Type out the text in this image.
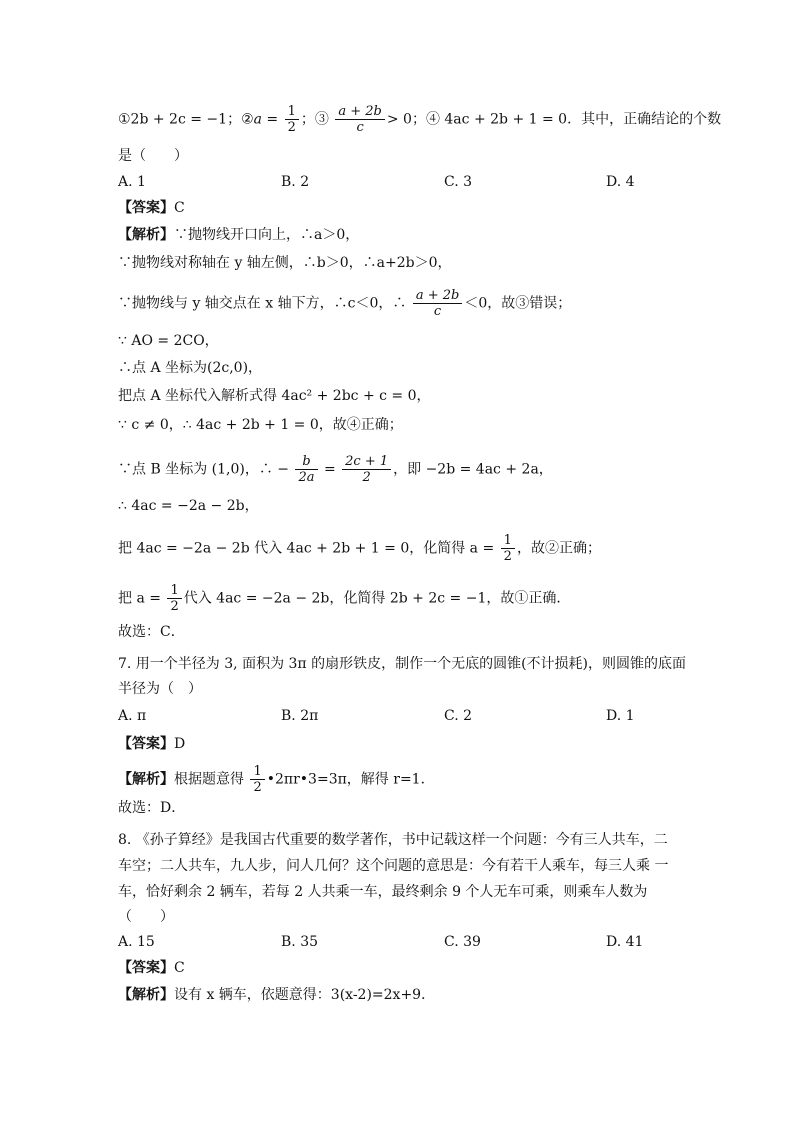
①2b + 2c = −1；②a = $\frac{1}{2}$ ；③ $\frac{a + 2b}{c} > 0$；④ 4ac + 2b + 1 = 0．其中，正确结论的个数
是（　　）
A. 1	B. 2	C. 3	D. 4
【答案】C
【解析】∵抛物线开口向上，∴a＞0，
∵抛物线对称轴在 y 轴左侧，∴b＞0，∴a+2b＞0，
∵抛物线与 y 轴交点在 x 轴下方，∴c＜0，∴ $\frac{a + 2b}{c} <0$，故③错误；
∵ AO = 2CO，
∴点 A 坐标为(2c,0)，
把点 A 坐标代入解析式得 4ac² + 2bc + c = 0，
∵ c ≠ 0，∴ 4ac + 2b + 1 = 0，故④正确；
∵点 B 坐标为 (1,0)，∴ − $\frac{b}{2a} = \frac{2c + 1}{2}$ ，即 −2b = 4ac + 2a，
∴ 4ac = −2a − 2b，
把 4ac = −2a − 2b 代入 4ac + 2b + 1 = 0，化简得 $a = \frac{1}{2}$ ，故②正确；
把 $a = \frac{1}{2}$ 代入 4ac = −2a − 2b，化简得 2b + 2c = −1，故①正确．
故选：C．
7. 用一个半径为 3, 面积为 3π 的扇形铁皮，制作一个无底的圆锥(不计损耗)，则圆锥的底面
半径为（　）
A. π	B. 2π	C. 2	D. 1
【答案】D
【解析】根据题意得 $\frac{1}{2}$ •2πr•3=3π，解得 r=1．
故选：D．
8. 《孙子算经》是我国古代重要的数学著作，书中记载这样一个问题：今有三人共车，二
车空；二人共车，九人步，问人几何？这个问题的意思是：今有若干人乘车，每三人乘 一
车，恰好剩余 2 辆车，若每 2 人共乘一车，最终剩余 9 个人无车可乘，则乘车人数为
（　　）
A. 15	B. 35	C. 39	D. 41
【答案】C
【解析】设有 x 辆车，依题意得：3(x-2)=2x+9．
